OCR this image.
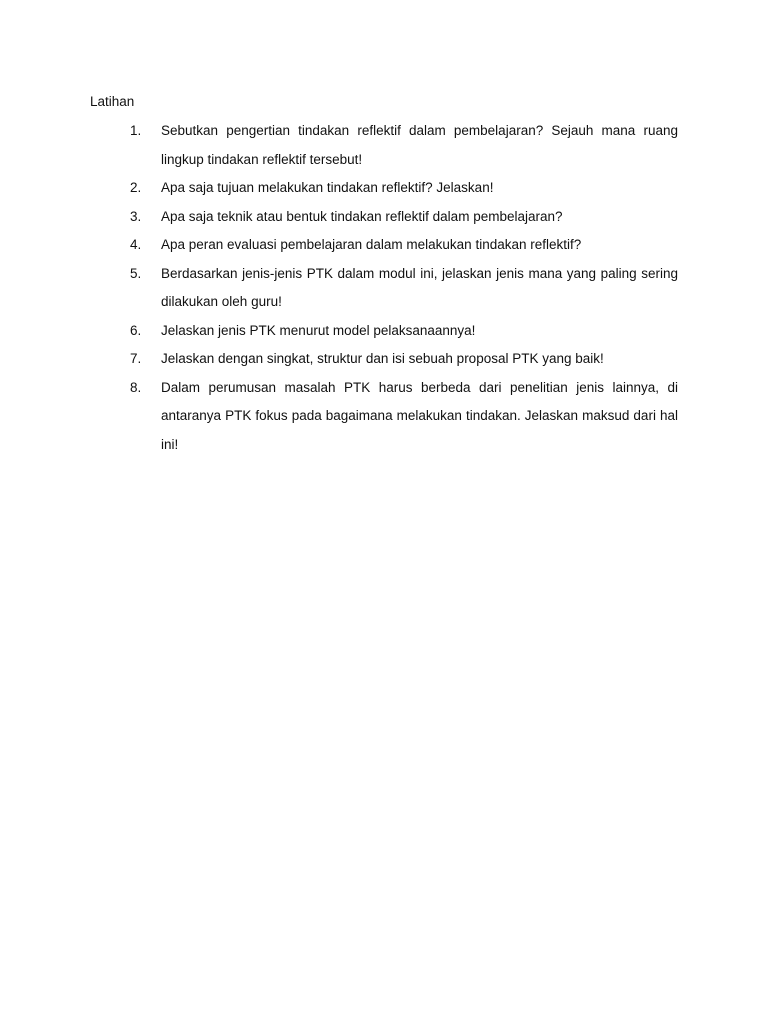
Latihan
1.	Sebutkan pengertian tindakan reflektif dalam pembelajaran? Sejauh mana ruang lingkup tindakan reflektif tersebut!
2.	Apa saja tujuan melakukan tindakan reflektif? Jelaskan!
3.	Apa saja teknik atau bentuk tindakan reflektif dalam pembelajaran?
4.	Apa peran evaluasi pembelajaran dalam melakukan tindakan reflektif?
5.	Berdasarkan jenis-jenis PTK dalam modul ini, jelaskan jenis mana yang paling sering dilakukan oleh guru!
6.	Jelaskan jenis PTK menurut model pelaksanaannya!
7.	Jelaskan dengan singkat, struktur dan isi sebuah proposal PTK yang baik!
8.	Dalam perumusan masalah PTK harus berbeda dari penelitian jenis lainnya, di antaranya PTK fokus pada bagaimana melakukan tindakan. Jelaskan maksud dari hal ini!
